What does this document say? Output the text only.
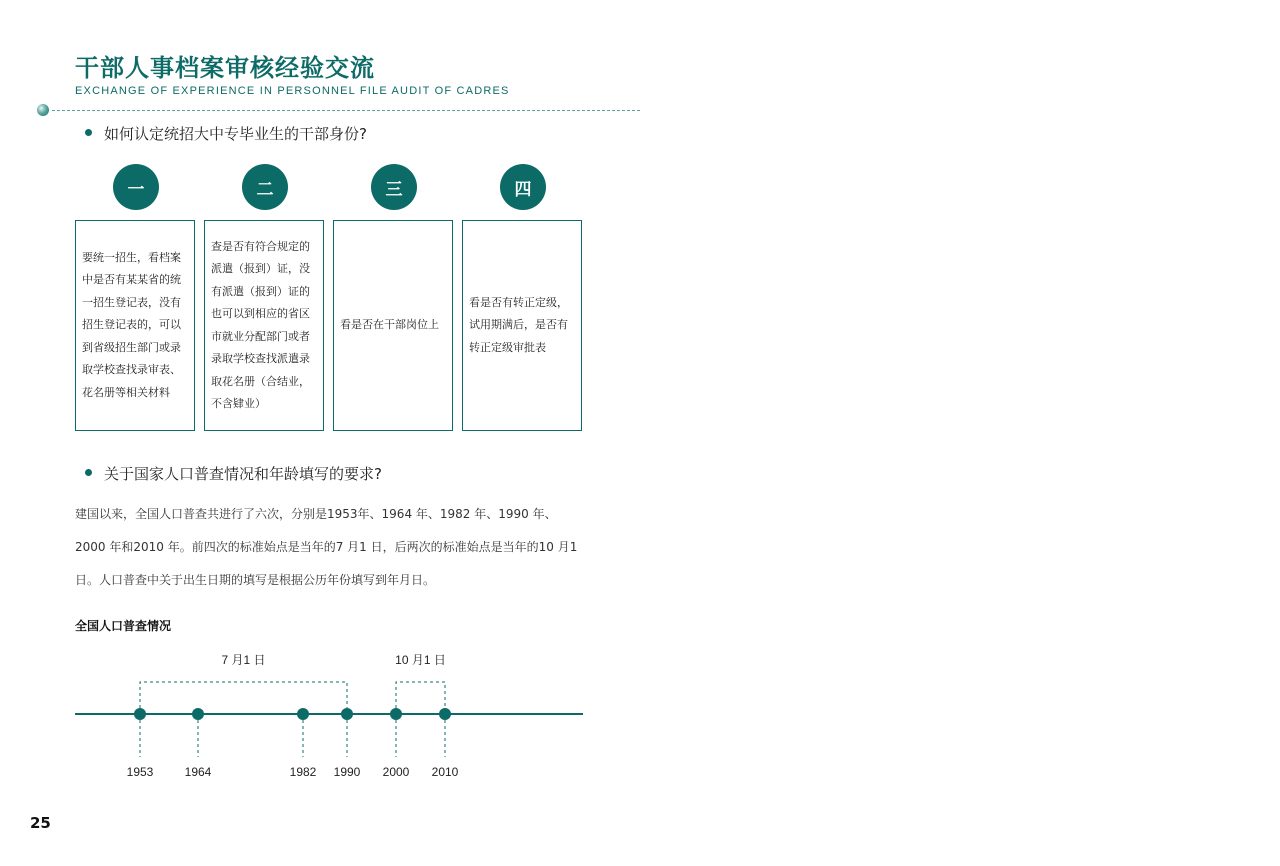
干部人事档案审核经验交流
EXCHANGE OF EXPERIENCE IN PERSONNEL FILE AUDIT OF CADRES
如何认定统招大中专毕业生的干部身份?
一	二	三	四
要统一招生，看档案中是否有某某省的统一招生登记表，没有招生登记表的，可以到省级招生部门或录取学校查找录审表、花名册等相关材料
查是否有符合规定的派遣（报到）证，没有派遣（报到）证的也可以到相应的省区市就业分配部门或者录取学校查找派遣录取花名册（合结业，不含肄业）
看是否在干部岗位上
看是否有转正定级，试用期满后，是否有转正定级审批表
关于国家人口普查情况和年龄填写的要求?
建国以来，全国人口普查共进行了六次，分别是1953年、1964 年、1982 年、1990 年、
2000 年和2010 年。前四次的标准始点是当年的7 月1 日，后两次的标准始点是当年的10 月1
日。人口普查中关于出生日期的填写是根据公历年份填写到年月日。
全国人口普查情况
7 月1 日	10 月1 日
1953	1964	1982 1990 2000 2010
25
